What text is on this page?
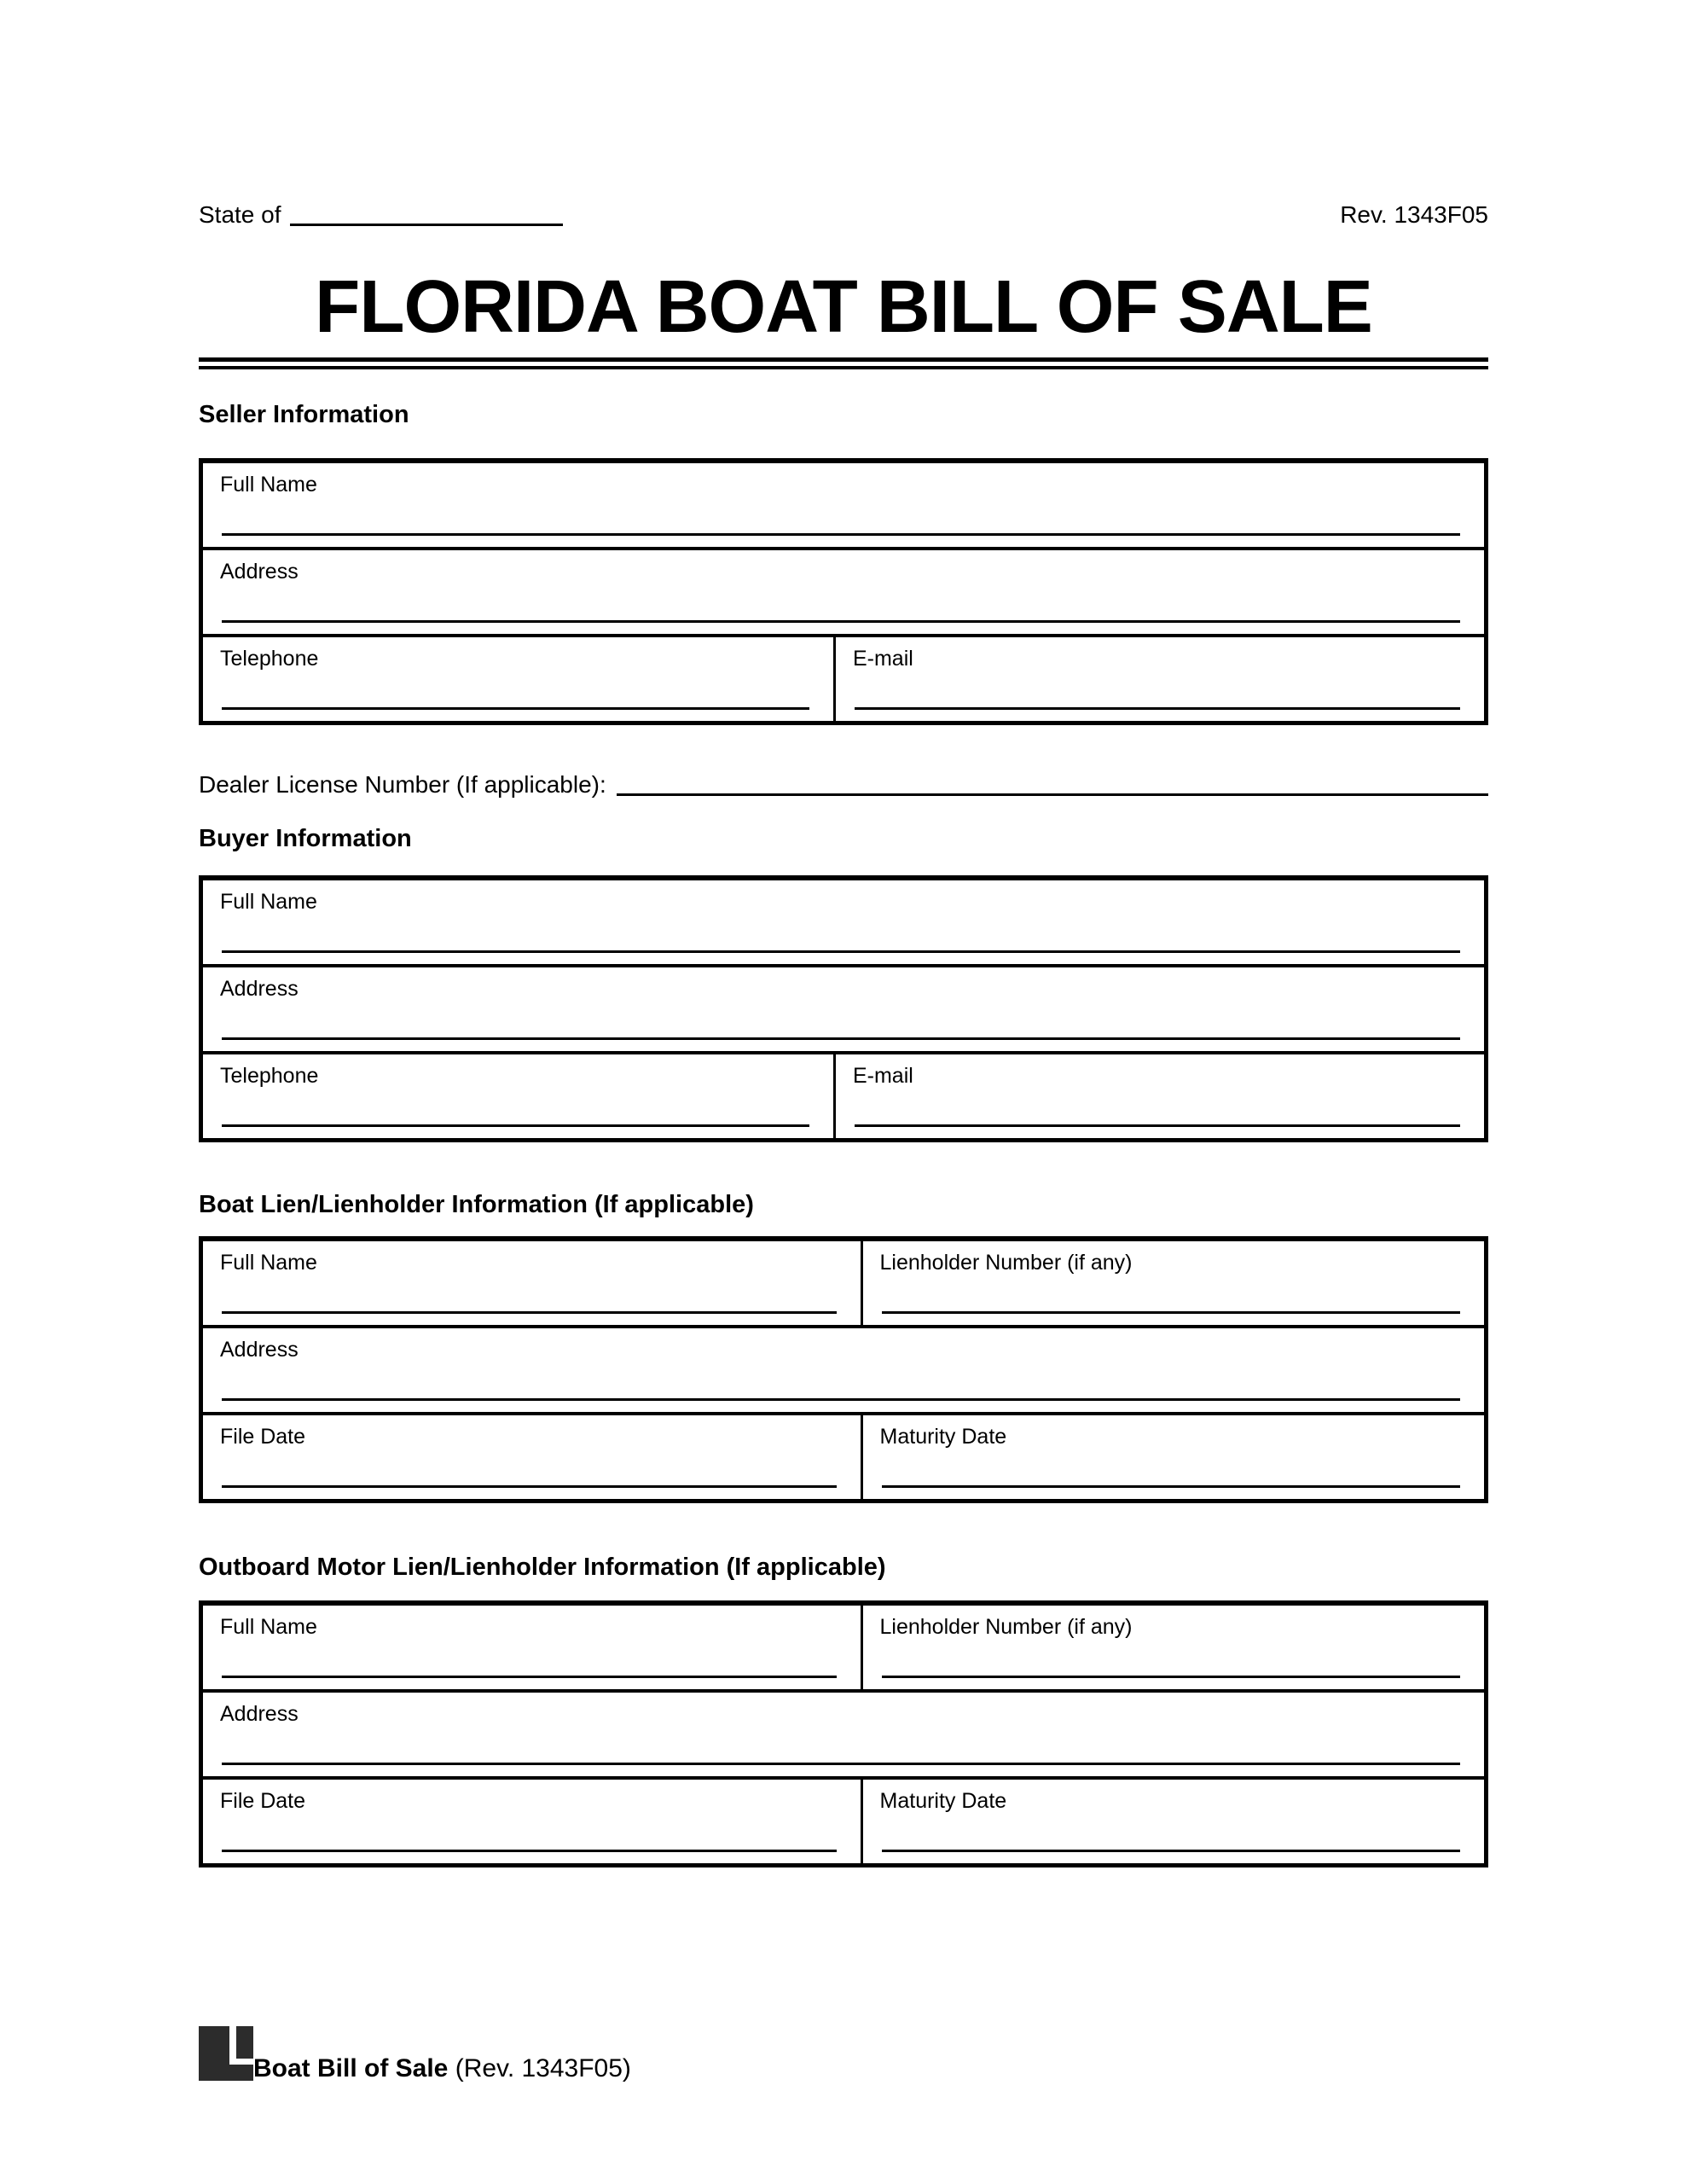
State of	Rev. 1343F05
FLORIDA BOAT BILL OF SALE
Seller Information
Full Name
Address
Telephone	E-mail
Dealer License Number (If applicable):
Buyer Information
Full Name
Address
Telephone	E-mail
Boat Lien/Lienholder Information (If applicable)
Full Name	Lienholder Number (if any)
Address
File Date	Maturity Date
Outboard Motor Lien/Lienholder Information (If applicable)
Full Name	Lienholder Number (if any)
Address
File Date	Maturity Date
Boat Bill of Sale (Rev. 1343F05)
